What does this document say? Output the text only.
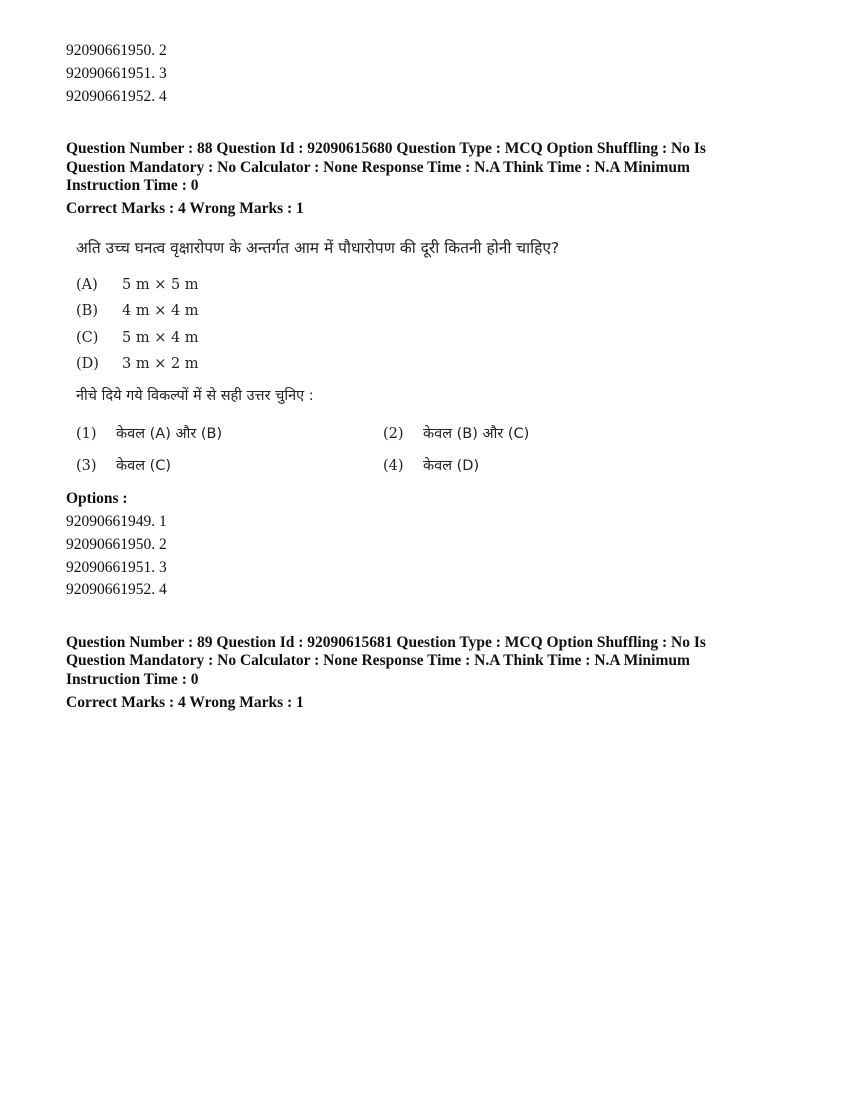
92090661950. 2
92090661951. 3
92090661952. 4
Question Number : 88 Question Id : 92090615680 Question Type : MCQ Option Shuffling : No Is
Question Mandatory : No Calculator : None Response Time : N.A Think Time : N.A Minimum
Instruction Time : 0
Correct Marks : 4 Wrong Marks : 1
अति उच्च घनत्व वृक्षारोपण के अन्तर्गत आम में पौधारोपण की दूरी कितनी होनी चाहिए?
(A) 5 m × 5 m
(B) 4 m × 4 m
(C) 5 m × 4 m
(D) 3 m × 2 m
नीचे दिये गये विकल्पों में से सही उत्तर चुनिए :
(1) केवल (A) और (B)	(2) केवल (B) और (C)
(3) केवल (C)	(4) केवल (D)
Options :
92090661949. 1
92090661950. 2
92090661951. 3
92090661952. 4
Question Number : 89 Question Id : 92090615681 Question Type : MCQ Option Shuffling : No Is
Question Mandatory : No Calculator : None Response Time : N.A Think Time : N.A Minimum
Instruction Time : 0
Correct Marks : 4 Wrong Marks : 1
